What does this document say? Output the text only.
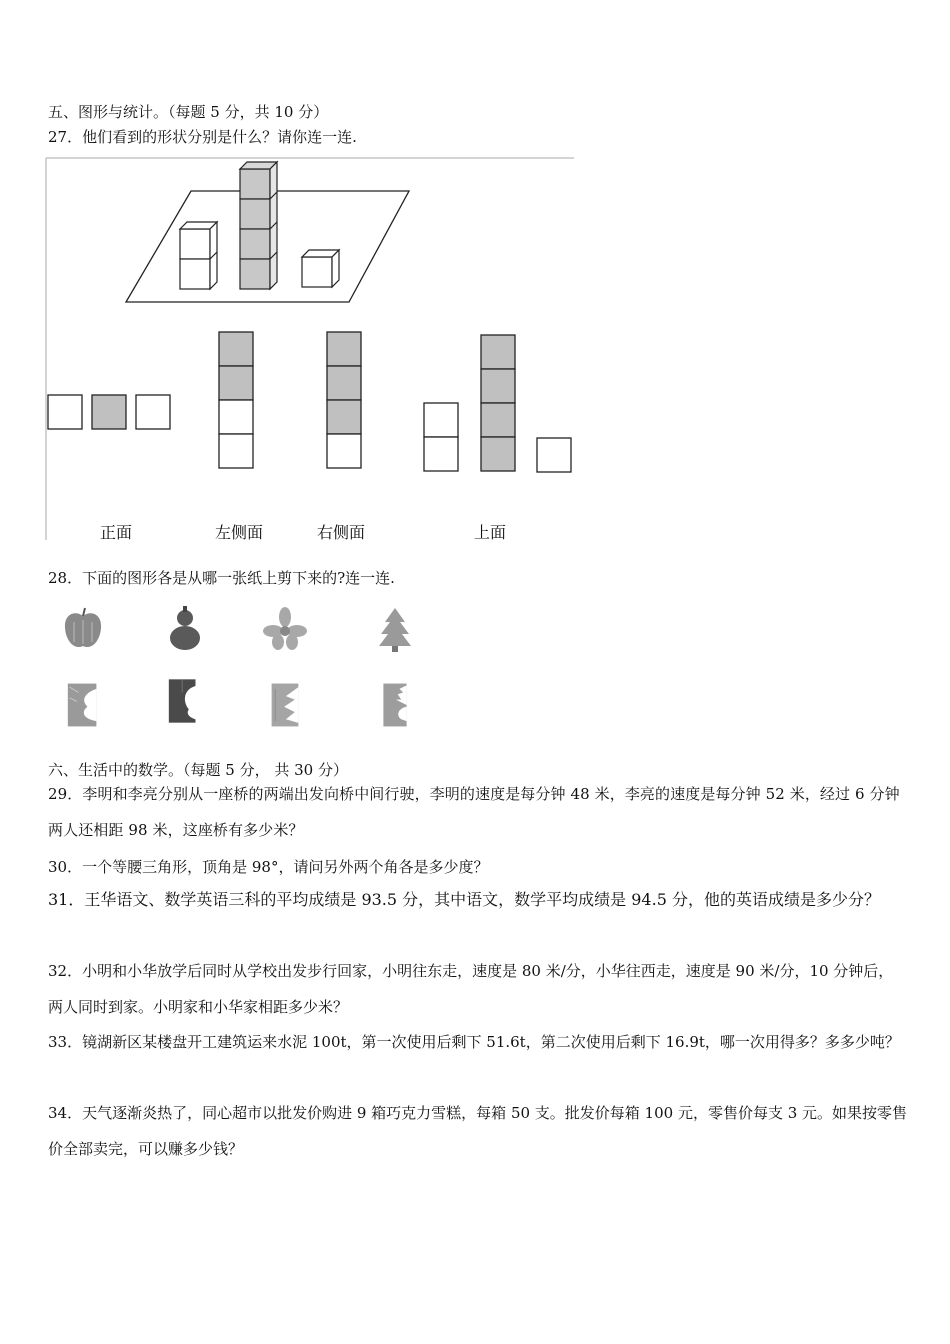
五、图形与统计。（每题 5 分，共 10 分）
27．他们看到的形状分别是什么？请你连一连.
正面	左侧面	右侧面	上面
28．下面的图形各是从哪一张纸上剪下来的?连一连.
六、生活中的数学。（每题 5 分， 共 30 分）
29．李明和李亮分别从一座桥的两端出发向桥中间行驶，李明的速度是每分钟 48 米，李亮的速度是每分钟 52 米，经过 6 分钟两人还相距 98 米，这座桥有多少米？
30．一个等腰三角形，顶角是 98°，请问另外两个角各是多少度？
31．王华语文、数学英语三科的平均成绩是 93.5 分，其中语文，数学平均成绩是 94.5 分，他的英语成绩是多少分？
32．小明和小华放学后同时从学校出发步行回家，小明往东走，速度是 80 米/分，小华往西走，速度是 90 米/分，10 分钟后，两人同时到家。小明家和小华家相距多少米？
33．镜湖新区某楼盘开工建筑运来水泥 100t，第一次使用后剩下 51.6t，第二次使用后剩下 16.9t，哪一次用得多？多多少吨？
34．天气逐渐炎热了，同心超市以批发价购进 9 箱巧克力雪糕，每箱 50 支。批发价每箱 100 元，零售价每支 3 元。如果按零售价全部卖完，可以赚多少钱？
